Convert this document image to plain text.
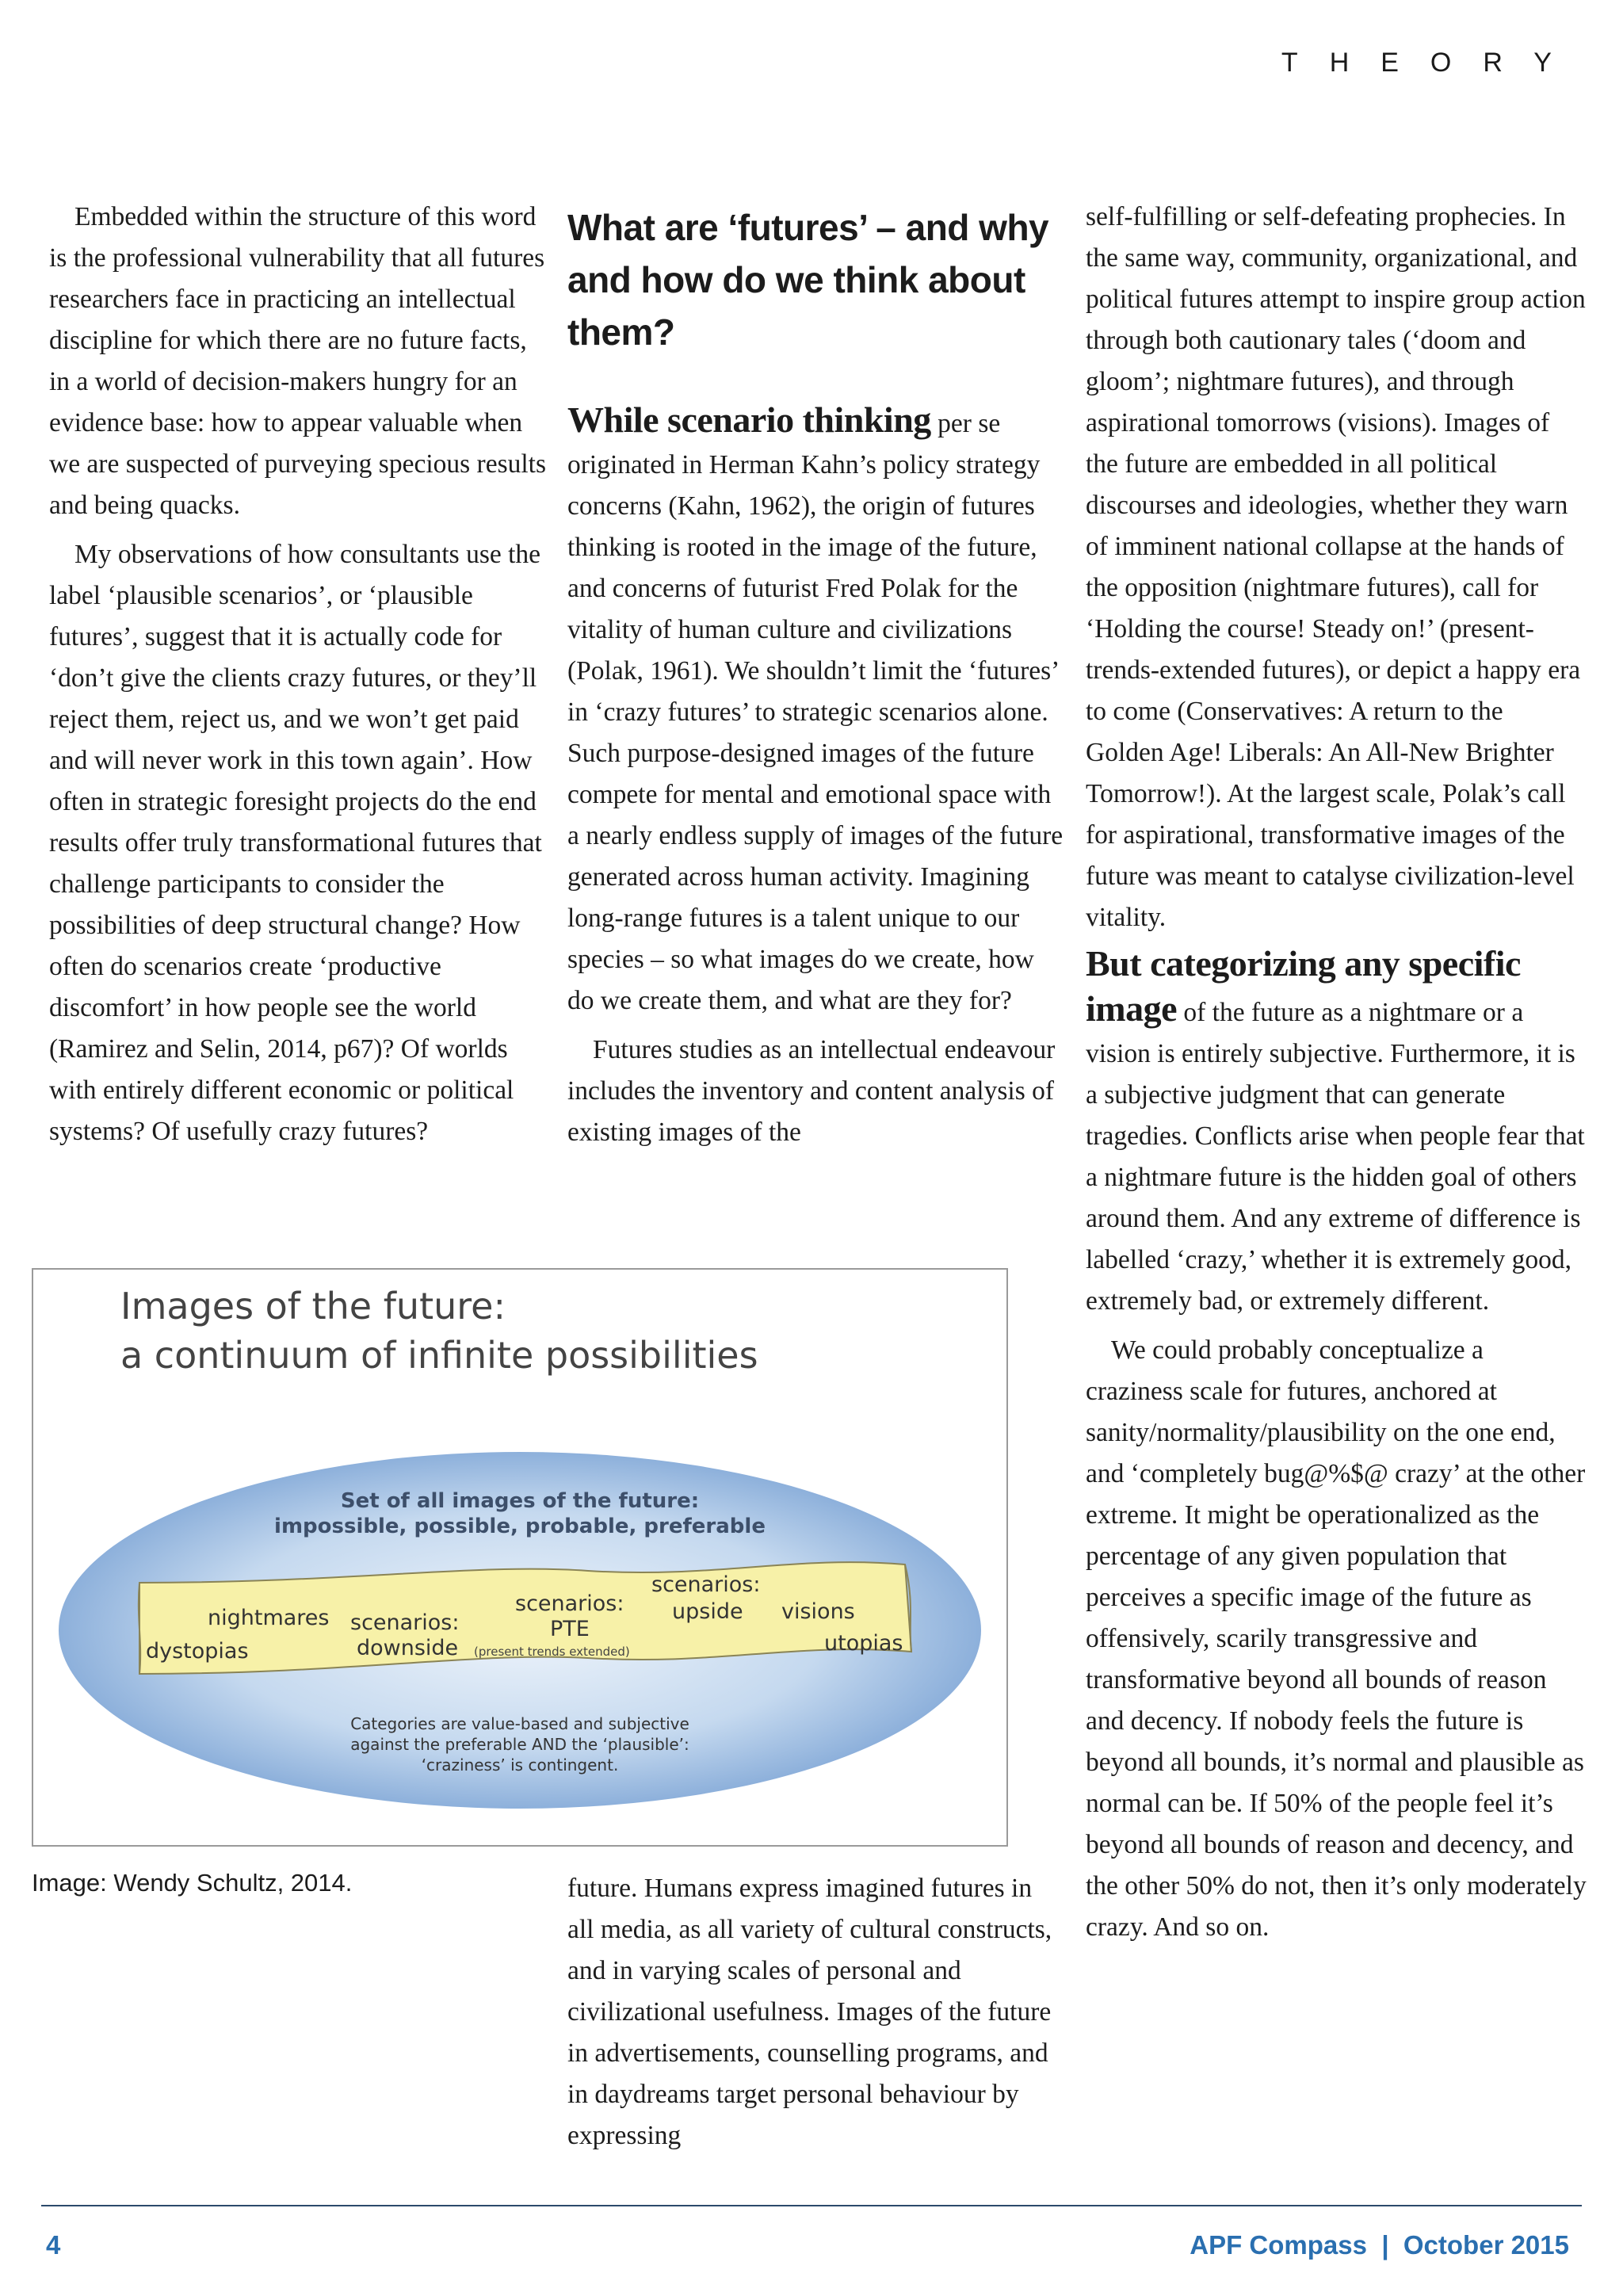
THEORY

Embedded within the structure of this word is the professional vulnerability that all futures researchers face in practicing an intellectual discipline for which there are no future facts, in a world of decision-makers hungry for an evidence base: how to appear valuable when we are suspected of purveying specious results and being quacks.

My observations of how consultants use the label ‘plausible scenarios’, or ‘plausible futures’, suggest that it is actually code for ‘don’t give the clients crazy futures, or they’ll reject them, reject us, and we won’t get paid and will never work in this town again’. How often in strategic foresight projects do the end results offer truly transformational futures that challenge participants to consider the possibilities of deep structural change? How often do scenarios create ‘productive discomfort’ in how people see the world (Ramirez and Selin, 2014, p67)? Of worlds with entirely different economic or political systems? Of usefully crazy futures?

What are ‘futures’ – and why and how do we think about them?

While scenario thinking per se originated in Herman Kahn’s policy strategy concerns (Kahn, 1962), the origin of futures thinking is rooted in the image of the future, and concerns of futurist Fred Polak for the vitality of human culture and civilizations (Polak, 1961). We shouldn’t limit the ‘futures’ in ‘crazy futures’ to strategic scenarios alone. Such purpose-designed images of the future compete for mental and emotional space with a nearly endless supply of images of the future generated across human activity. Imagining long-range futures is a talent unique to our species – so what images do we create, how do we create them, and what are they for?

Futures studies as an intellectual endeavour includes the inventory and content analysis of existing images of the

future. Humans express imagined futures in all media, as all variety of cultural constructs, and in varying scales of personal and civilizational usefulness. Images of the future in advertisements, counselling programs, and in daydreams target personal behaviour by expressing

self-fulfilling or self-defeating prophecies. In the same way, community, organizational, and political futures attempt to inspire group action through both cautionary tales (‘doom and gloom’; nightmare futures), and through aspirational tomorrows (visions). Images of the future are embedded in all political discourses and ideologies, whether they warn of imminent national collapse at the hands of the opposition (nightmare futures), call for ‘Holding the course! Steady on!’ (present-trends-extended futures), or depict a happy era to come (Conservatives: A return to the Golden Age! Liberals: An All-New Brighter Tomorrow!). At the largest scale, Polak’s call for aspirational, transformative images of the future was meant to catalyse civilization-level vitality.

But categorizing any specific image of the future as a nightmare or a vision is entirely subjective. Furthermore, it is a subjective judgment that can generate tragedies. Conflicts arise when people fear that a nightmare future is the hidden goal of others around them. And any extreme of difference is labelled ‘crazy,’ whether it is extremely good, extremely bad, or extremely different.

We could probably conceptualize a craziness scale for futures, anchored at sanity/normality/plausibility on the one end, and ‘completely bug@%$@ crazy’ at the other extreme. It might be operationalized as the percentage of any given population that perceives a specific image of the future as offensively, scarily transgressive and transformative beyond all bounds of reason and decency. If nobody feels the future is beyond all bounds, it’s normal and plausible as normal can be. If 50% of the people feel it’s beyond all bounds of reason and decency, and the other 50% do not, then it’s only moderately crazy. And so on.

Images of the future:
a continuum of infinite possibilities
Set of all images of the future:
impossible, possible, probable, preferable
nightmares
dystopias
scenarios:
downside
scenarios:
PTE
(present trends extended)
scenarios:
upside visions
utopias
Categories are value-based and subjective
against the preferable AND the ‘plausible’:
‘craziness’ is contingent.
Image: Wendy Schultz, 2014.
4	APF Compass  |  October 2015
